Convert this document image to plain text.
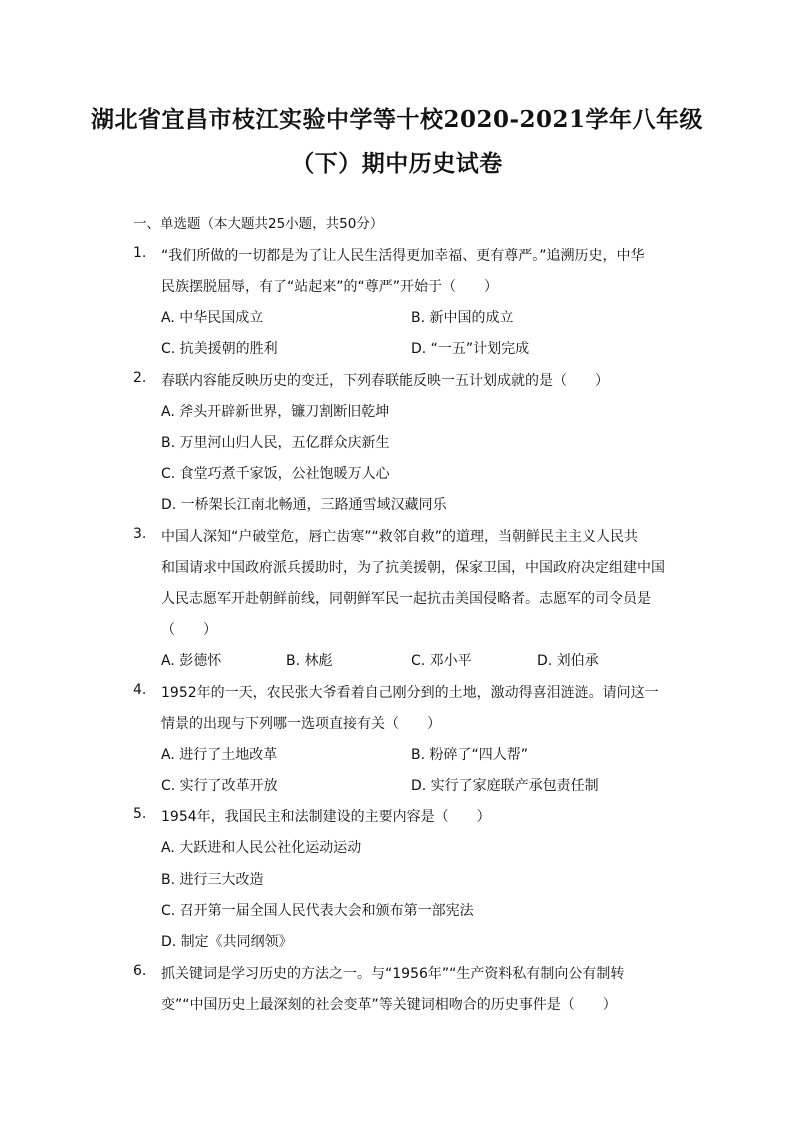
湖北省宜昌市枝江实验中学等十校2020-2021学年八年级
（下）期中历史试卷
一、单选题（本大题共25小题，共50分）
1. “我们所做的一切都是为了让人民生活得更加幸福、更有尊严。”追溯历史，中华
民族摆脱屈辱，有了“站起来”的“尊严”开始于（　　）
A. 中华民国成立	B. 新中国的成立
C. 抗美援朝的胜利	D. “一五”计划完成
2. 春联内容能反映历史的变迁，下列春联能反映一五计划成就的是（　　）
A. 斧头开辟新世界，镰刀割断旧乾坤
B. 万里河山归人民，五亿群众庆新生
C. 食堂巧煮千家饭，公社饱暖万人心
D. 一桥架长江南北畅通，三路通雪域汉藏同乐
3. 中国人深知“户破堂危，唇亡齿寒”“救邻自救”的道理，当朝鲜民主主义人民共
和国请求中国政府派兵援助时，为了抗美援朝，保家卫国，中国政府决定组建中国
人民志愿军开赴朝鲜前线，同朝鲜军民一起抗击美国侵略者。志愿军的司令员是
（　　）
A. 彭德怀	B. 林彪	C. 邓小平	D. 刘伯承
4. 1952年的一天，农民张大爷看着自己刚分到的土地，激动得喜泪涟涟。请问这一
情景的出现与下列哪一选项直接有关（　　）
A. 进行了土地改革	B. 粉碎了“四人帮”
C. 实行了改革开放	D. 实行了家庭联产承包责任制
5. 1954年，我国民主和法制建设的主要内容是（　　）
A. 大跃进和人民公社化运动运动
B. 进行三大改造
C. 召开第一届全国人民代表大会和颁布第一部宪法
D. 制定《共同纲领》
6. 抓关键词是学习历史的方法之一。与“1956年”“生产资料私有制向公有制转
变”“中国历史上最深刻的社会变革”等关键词相吻合的历史事件是（　　）
